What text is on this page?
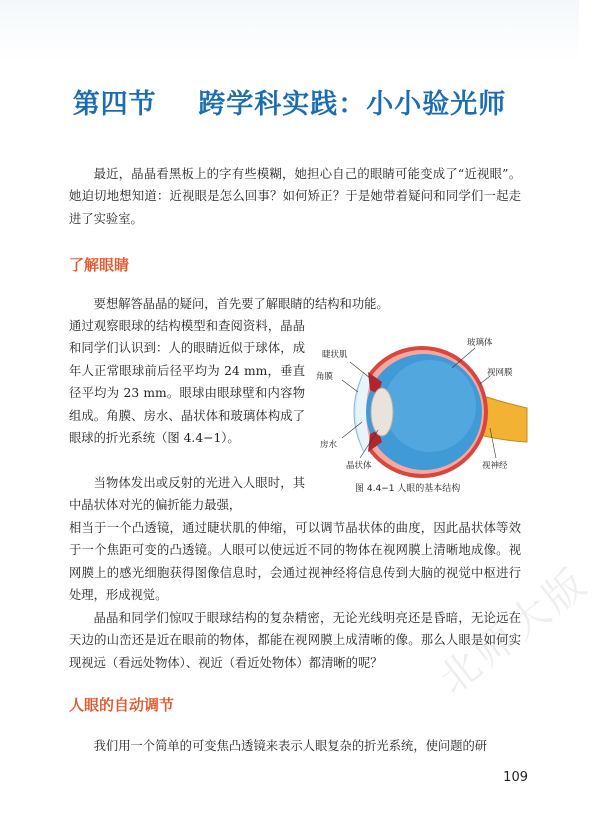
第四节    跨学科实践：小小验光师

最近，晶晶看黑板上的字有些模糊，她担心自己的眼睛可能变成了“近视眼”。她迫切地想知道：近视眼是怎么回事？如何矫正？于是她带着疑问和同学们一起走进了实验室。

了解眼睛

要想解答晶晶的疑问，首先要了解眼睛的结构和功能。

通过观察眼球的结构模型和查阅资料，晶晶和同学们认识到：人的眼睛近似于球体，成年人正常眼球前后径平均为 24 mm，垂直径平均为 23 mm。眼球由眼球壁和内容物组成。角膜、房水、晶状体和玻璃体构成了眼球的折光系统（图 4.4−1）。

当物体发出或反射的光进入人眼时，其中晶状体对光的偏折能力最强，

相当于一个凸透镜，通过睫状肌的伸缩，可以调节晶状体的曲度，因此晶状体等效于一个焦距可变的凸透镜。人眼可以使远近不同的物体在视网膜上清晰地成像。视网膜上的感光细胞获得图像信息时，会通过视神经将信息传到大脑的视觉中枢进行处理，形成视觉。

晶晶和同学们惊叹于眼球结构的复杂精密，无论光线明亮还是昏暗，无论远在天边的山峦还是近在眼前的物体，都能在视网膜上成清晰的像。那么人眼是如何实现视远（看远处物体）、视近（看近处物体）都清晰的呢？

睫状肌
角膜
房水
晶状体
玻璃体
视网膜
视神经
图 4.4−1 人眼的基本结构
人眼的自动调节

我们用一个简单的可变焦凸透镜来表示人眼复杂的折光系统，使问题的研

北师大版
109
